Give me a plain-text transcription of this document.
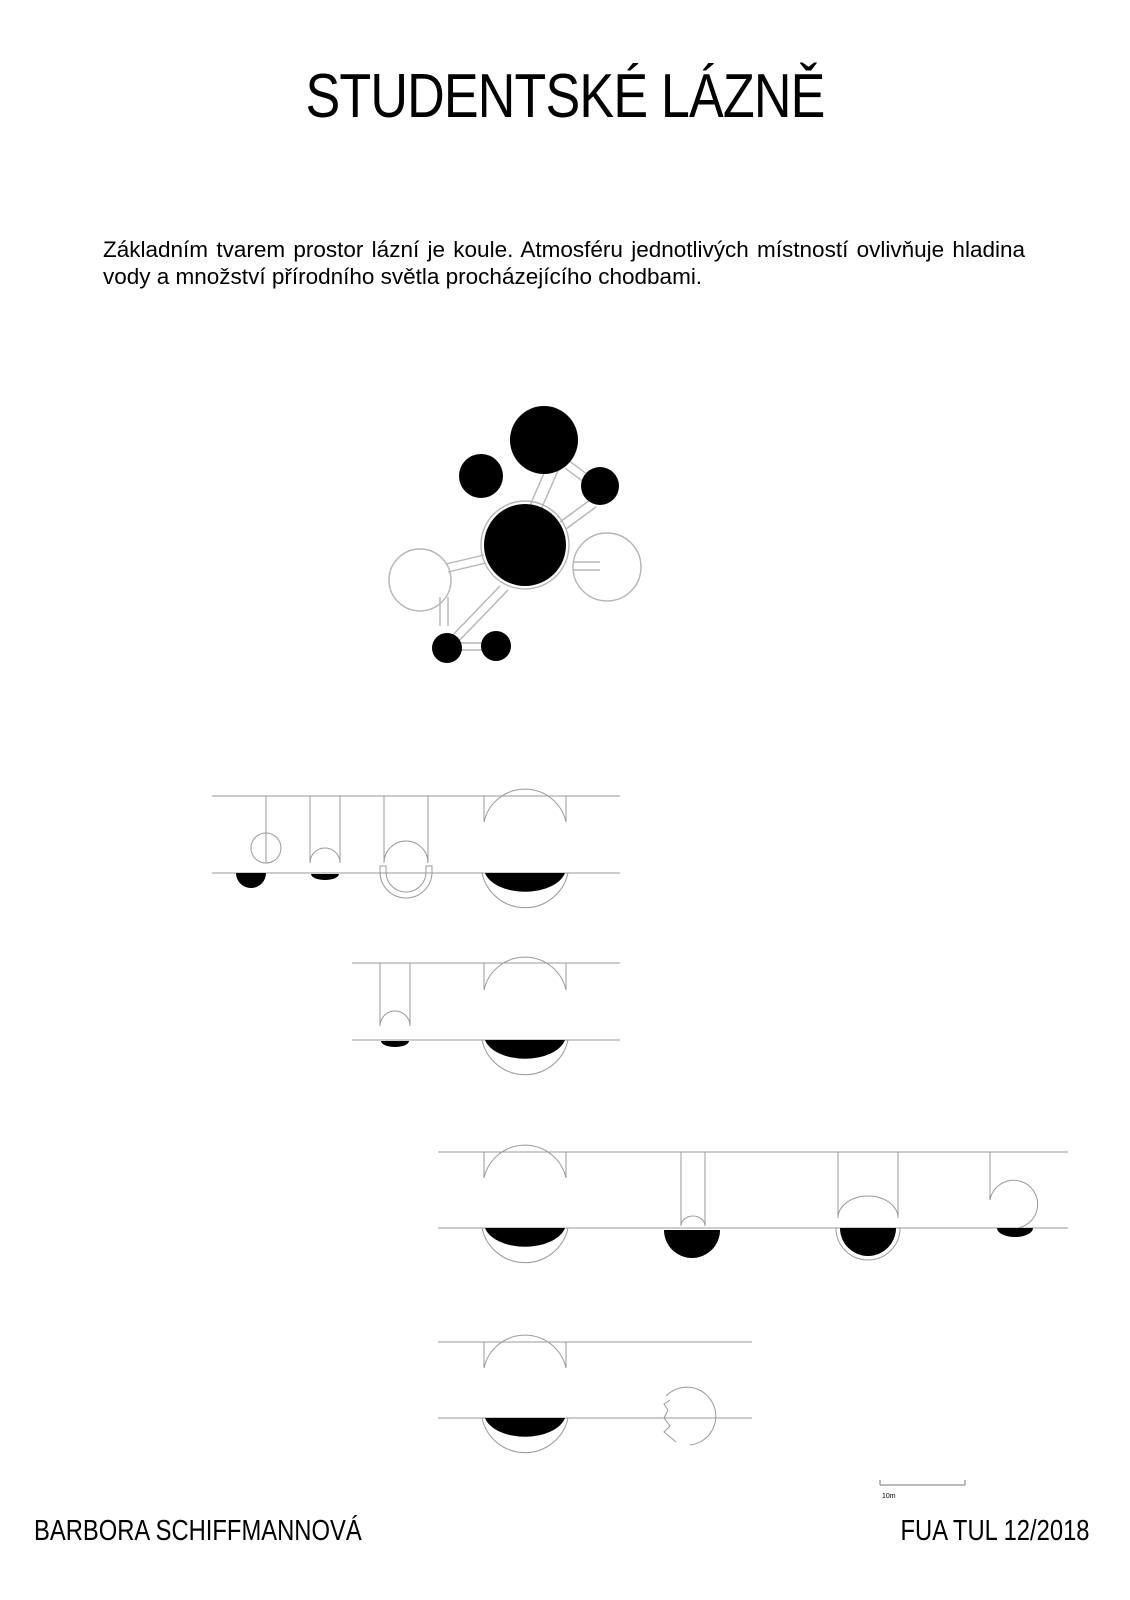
STUDENTSKÉ LÁZNĚ

Základním tvarem prostor lázní je koule. Atmosféru jednotlivých místností ovlivňuje hladina vody a množství přírodního světla procházejícího chodbami.

10m
BARBORA SCHIFFMANNOVÁ	FUA TUL 12/2018
